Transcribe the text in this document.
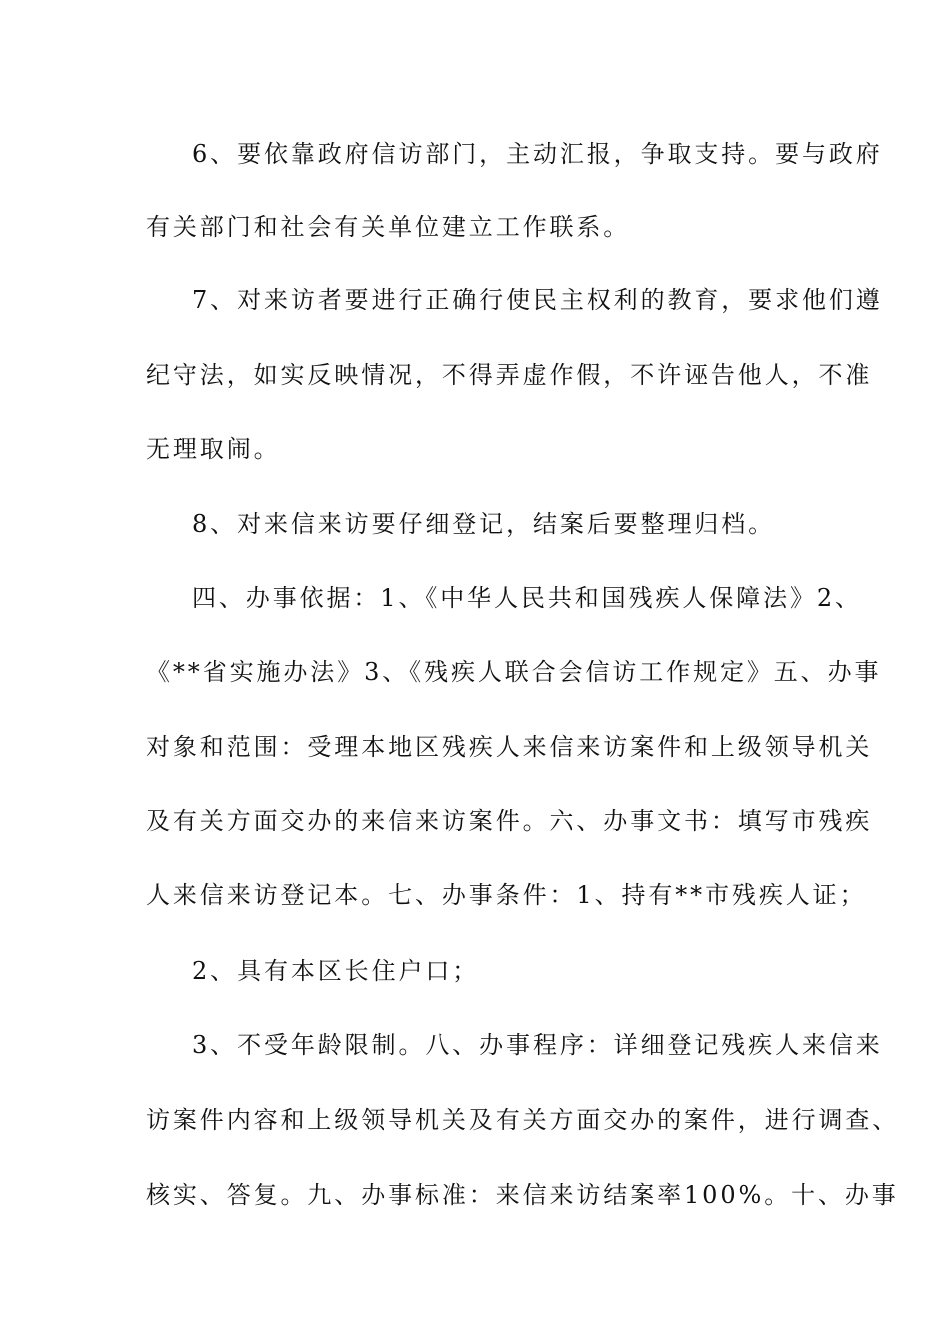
6、要依靠政府信访部门，主动汇报，争取支持。要与政府
有关部门和社会有关单位建立工作联系。
7、对来访者要进行正确行使民主权利的教育，要求他们遵
纪守法，如实反映情况，不得弄虚作假，不许诬告他人，不准
无理取闹。
8、对来信来访要仔细登记，结案后要整理归档。
四、办事依据：1、《中华人民共和国残疾人保障法》2、
《**省实施办法》3、《残疾人联合会信访工作规定》五、办事
对象和范围：受理本地区残疾人来信来访案件和上级领导机关
及有关方面交办的来信来访案件。六、办事文书：填写市残疾
人来信来访登记本。七、办事条件：1、持有**市残疾人证；
2、具有本区长住户口；
3、不受年龄限制。八、办事程序：详细登记残疾人来信来
访案件内容和上级领导机关及有关方面交办的案件，进行调查、
核实、答复。九、办事标准：来信来访结案率100%。十、办事
